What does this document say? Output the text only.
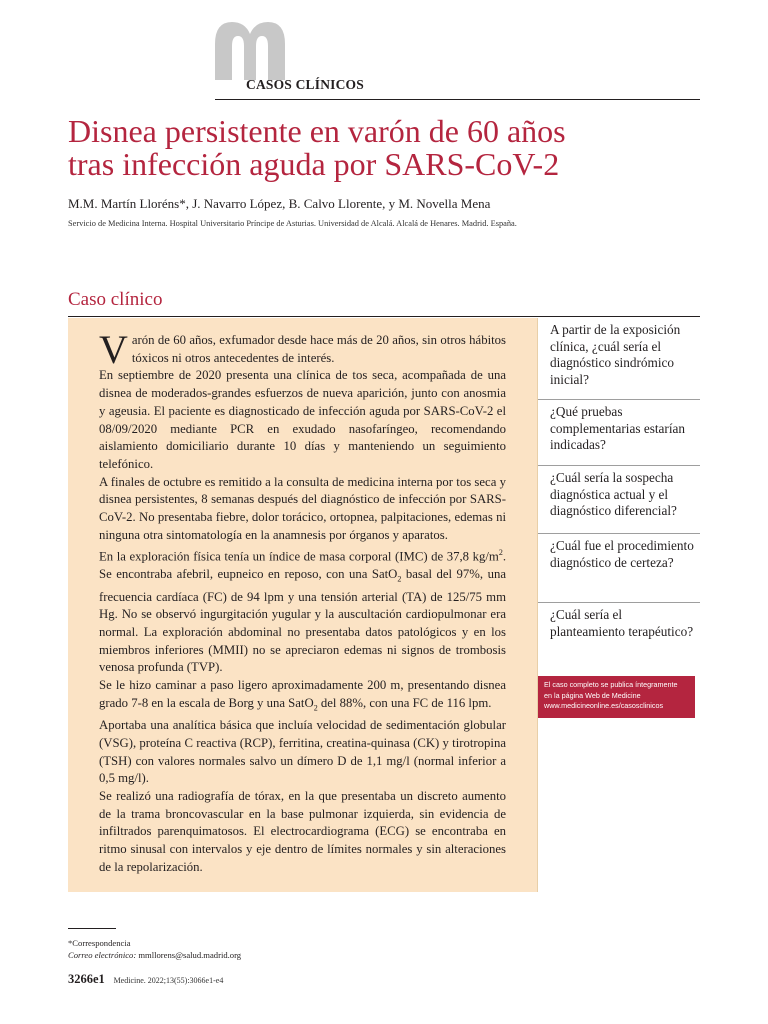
CASOS CLÍNICOS
Disnea persistente en varón de 60 años
tras infección aguda por SARS-CoV-2
M.M. Martín Lloréns*, J. Navarro López, B. Calvo Llorente, y M. Novella Mena
Servicio de Medicina Interna. Hospital Universitario Príncipe de Asturias. Universidad de Alcalá. Alcalá de Henares. Madrid. España.
Caso clínico

Varón de 60 años, exfumador desde hace más de 20 años, sin otros hábitos tóxicos ni otros antecedentes de interés.

En septiembre de 2020 presenta una clínica de tos seca, acompañada de una disnea de moderados-grandes esfuerzos de nueva aparición, junto con anosmia y ageusia. El paciente es diagnosticado de infección aguda por SARS-CoV-2 el 08/09/2020 mediante PCR en exudado nasofaríngeo, recomendando aislamiento domiciliario durante 10 días y manteniendo un seguimiento telefónico.

A finales de octubre es remitido a la consulta de medicina interna por tos seca y disnea persistentes, 8 semanas después del diagnóstico de infección por SARS-CoV-2. No presentaba fiebre, dolor torácico, ortopnea, palpitaciones, edemas ni ninguna otra sintomatología en la anamnesis por órganos y aparatos.

En la exploración física tenía un índice de masa corporal (IMC) de 37,8 $kg/m^2$. Se encontraba afebril, eupneico en reposo, con una SatO$_2$ basal del 97%, una frecuencia cardíaca (FC) de 94 lpm y una tensión arterial (TA) de 125/75 mm Hg. No se observó ingurgitación yugular y la auscultación cardiopulmonar era normal. La exploración abdominal no presentaba datos patológicos y en los miembros inferiores (MMII) no se apreciaron edemas ni signos de trombosis venosa profunda (TVP).

Se le hizo caminar a paso ligero aproximadamente 200 m, presentando disnea grado 7-8 en la escala de Borg y una SatO$_2$ del 88%, con una FC de 116 lpm.

Aportaba una analítica básica que incluía velocidad de sedimentación globular (VSG), proteína C reactiva (RCP), ferritina, creatina-quinasa (CK) y tirotropina (TSH) con valores normales salvo un dímero D de 1,1 mg/l (normal inferior a 0,5 mg/l).

Se realizó una radiografía de tórax, en la que presentaba un discreto aumento de la trama broncovascular en la base pulmonar izquierda, sin evidencia de infiltrados parenquimatosos. El electrocardiograma (ECG) se encontraba en ritmo sinusal con intervalos y eje dentro de límites normales y sin alteraciones de la repolarización.

A partir de la exposición clínica, ¿cuál sería el diagnóstico sindrómico inicial?
¿Qué pruebas complementarias estarían indicadas?
¿Cuál sería la sospecha diagnóstica actual y el diagnóstico diferencial?
¿Cuál fue el procedimiento diagnóstico de certeza?
¿Cuál sería el planteamiento terapéutico?
El caso completo se publica íntegramente
en la página Web de Medicine
www.medicineonline.es/casosclinicos
*Correspondencia
Correo electrónico: mmllorens@salud.madrid.org
3266e1 Medicine. 2022;13(55):3066e1-e4
